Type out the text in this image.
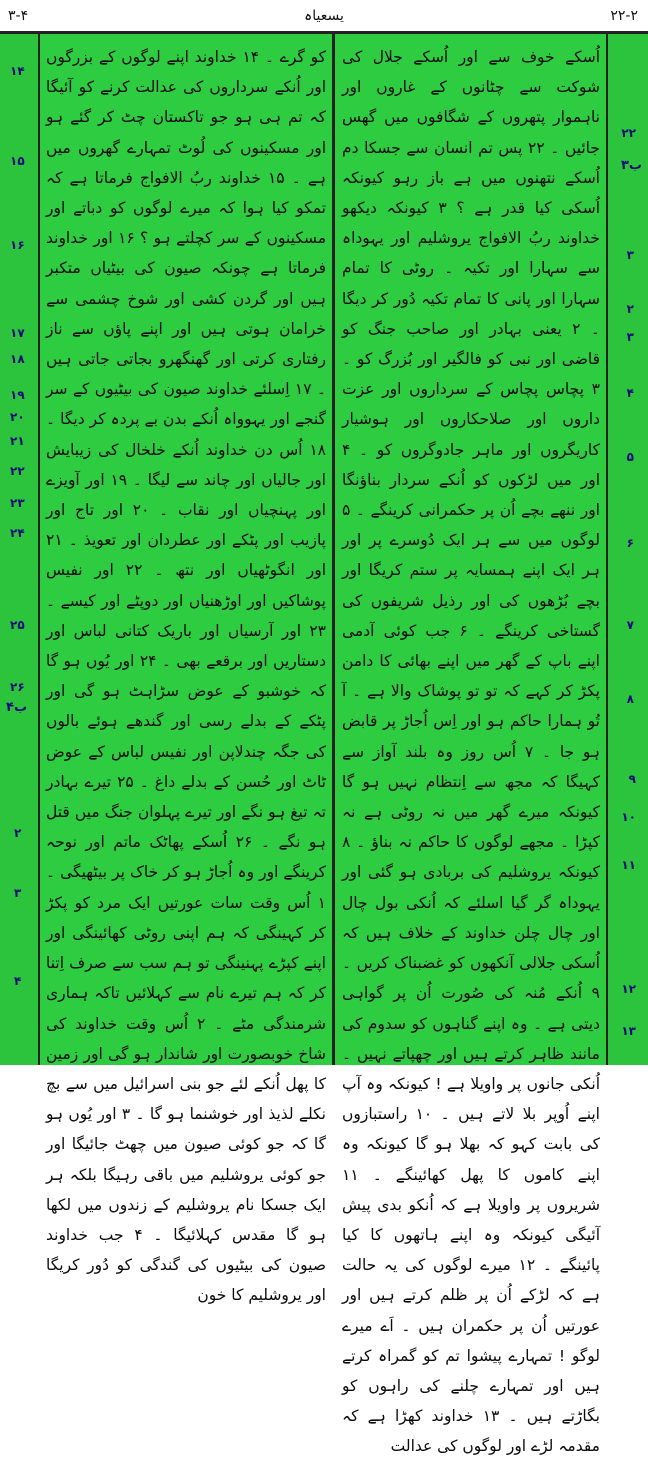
۳-۴	یسعیاہ	۲۲-۲
۱۴
۱۵
۱۶
۱۷
۱۸
۱۹
۲۰
۲۱
۲۲
۲۳
۲۴
۲۵
۲۶
۴ب
۲
۳
۴
کو گرے ۔ ۱۴ خداوند اپنے لوگوں کے بزرگوں اور اُنکے سرداروں کی عدالت کرنے کو آئیگا کہ تم ہی ہو جو تاکستان چٹ کر گئے ہو اور مسکینوں کی لُوٹ تمہارے گھروں میں ہے ۔ ۱۵ خداوند ربُ الافواج فرماتا ہے کہ تمکو کیا ہوا کہ میرے لوگوں کو دباتے اور مسکینوں کے سر کچلتے ہو ؟ ۱۶ اور خداوند فرماتا ہے چونکہ صیون کی بیٹیاں متکبر ہیں اور گردن کشی اور شوخ چشمی سے خرامان ہوتی ہیں اور اپنے پاؤں سے ناز رفتاری کرتی اور گھنگھرو بجاتی جاتی ہیں ۔ ۱۷ اِسلئے خداوند صیون کی بیٹیوں کے سر گنجے اور یہوواہ اُنکے بدن بے پردہ کر دیگا ۔ ۱۸ اُس دن خداوند اُنکے خلخال کی زیبایش اور جالیاں اور چاند سے لیگا ۔ ۱۹ اور آویزے اور پہنچیاں اور نقاب ۔ ۲۰ اور تاج اور پازیب اور پٹکے اور عطردان اور تعویذ ۔ ۲۱ اور انگوٹھیاں اور نتھ ۔ ۲۲ اور نفیس پوشاکیں اور اوڑھنیاں اور دوپٹے اور کیسے ۔ ۲۳ اور آرسیاں اور باریک کتانی لباس اور دستاریں اور برقعے بھی ۔ ۲۴ اور یُوں ہو گا کہ خوشبو کے عوض سڑاہٹ ہو گی اور پٹکے کے بدلے رسی اور گندھے ہوئے بالوں کی جگہ چندلاپن اور نفیس لباس کے عوض ٹاٹ اور حُسن کے بدلے داغ ۔ ۲۵ تیرے بہادر تہ تیغ ہو نگے اور تیرے پہلوان جنگ میں قتل ہو نگے ۔ ۲۶ اُسکے پھاٹک ماتم اور نوحہ کرینگے اور وہ اُجاڑ ہو کر خاک پر بیٹھیگی ۔ ۱ اُس وقت سات عورتیں ایک مرد کو پکڑ کر کہینگی کہ ہم اپنی روٹی کھائینگی اور اپنے کپڑے پہنینگی تو ہم سب سے صرف اِتنا کر کہ ہم تیرے نام سے کہلائیں تاکہ ہماری شرمندگی مٹے ۔ ۲ اُس وقت خداوند کی شاخ خوبصورت اور شاندار ہو گی اور زمین کا پھل اُنکے لئے جو بنی اسرائیل میں سے بچ نکلے لذیذ اور خوشنما ہو گا ۔ ۳ اور یُوں ہو گا کہ جو کوئی صیون میں چھٹ جائیگا اور جو کوئی یروشلیم میں باقی رہیگا بلکہ ہر ایک جسکا نام یروشلیم کے زندوں میں لکھا ہو گا مقدس کہلائیگا ۔ ۴ جب خداوند صیون کی بیٹیوں کی گندگی کو دُور کریگا اور یروشلیم کا خون
اُسکے خوف سے اور اُسکے جلال کی شوکت سے چٹانوں کے غاروں اور ناہموار پتھروں کے شگافوں میں گھس جائیں ۔ ۲۲ پس تم انسان سے جسکا دم اُسکے نتھنوں میں ہے باز رہو کیونکہ اُسکی کیا قدر ہے ؟ ۳ کیونکہ دیکھو خداوند ربُ الافواج یروشلیم اور یہوداہ سے سہارا اور تکیہ ۔ روٹی کا تمام سہارا اور پانی کا تمام تکیہ دُور کر دیگا ۔ ۲ یعنی بہادر اور صاحب جنگ کو قاضی اور نبی کو فالگیر اور بُزرگ کو ۔ ۳ پچاس پچاس کے سرداروں اور عزت داروں اور صلاحکاروں اور ہوشیار کاریگروں اور ماہر جادوگروں کو ۔ ۴ اور میں لڑکوں کو اُنکے سردار بناؤنگا اور ننھے بچے اُن پر حکمرانی کرینگے ۔ ۵ لوگوں میں سے ہر ایک دُوسرے پر اور ہر ایک اپنے ہمسایہ پر ستم کریگا اور بچے بُڑھوں کی اور رذیل شریفوں کی گستاخی کرینگے ۔ ۶ جب کوئی آدمی اپنے باپ کے گھر میں اپنے بھائی کا دامن پکڑ کر کہے کہ تو تو پوشاک والا ہے ۔ آ تُو ہمارا حاکم ہو اور اِس اُجاڑ پر قابض ہو جا ۔ ۷ اُس روز وہ بلند آواز سے کہیگا کہ مجھ سے اِنتظام نہیں ہو گا کیونکہ میرے گھر میں نہ روٹی ہے نہ کپڑا ۔ مجھے لوگوں کا حاکم نہ بناؤ ۔ ۸ کیونکہ یروشلیم کی بربادی ہو گئی اور یہوداہ گر گیا اسلئے کہ اُنکی بول چال اور چال چلن خداوند کے خلاف ہیں کہ اُسکی جلالی آنکھوں کو غضبناک کریں ۔ ۹ اُنکے مُنہ کی صُورت اُن پر گواہی دیتی ہے ۔ وہ اپنے گناہوں کو سدوم کی مانند ظاہر کرتے ہیں اور چھپاتے نہیں ۔ اُنکی جانوں پر واویلا ہے ! کیونکہ وہ آپ اپنے اُوپر بلا لاتے ہیں ۔ ۱۰ راستبازوں کی بابت کہو کہ بھلا ہو گا کیونکہ وہ اپنے کاموں کا پھل کھائینگے ۔ ۱۱ شریروں پر واویلا ہے کہ اُنکو بدی پیش آئیگی کیونکہ وہ اپنے ہاتھوں کا کیا پائینگے ۔ ۱۲ میرے لوگوں کی یہ حالت ہے کہ لڑکے اُن پر ظلم کرتے ہیں اور عورتیں اُن پر حکمران ہیں ۔ اَے میرے لوگو ! تمہارے پیشوا تم کو گمراہ کرتے ہیں اور تمہارے چلنے کی راہوں کو بگاڑتے ہیں ۔ ۱۳ خداوند کھڑا ہے کہ مقدمہ لڑے اور لوگوں کی عدالت
۲۲
۳ب
۳
۲
۳
۴
۵
۶
۷
۸
۹
۱۰
۱۱
۱۲
۱۳
